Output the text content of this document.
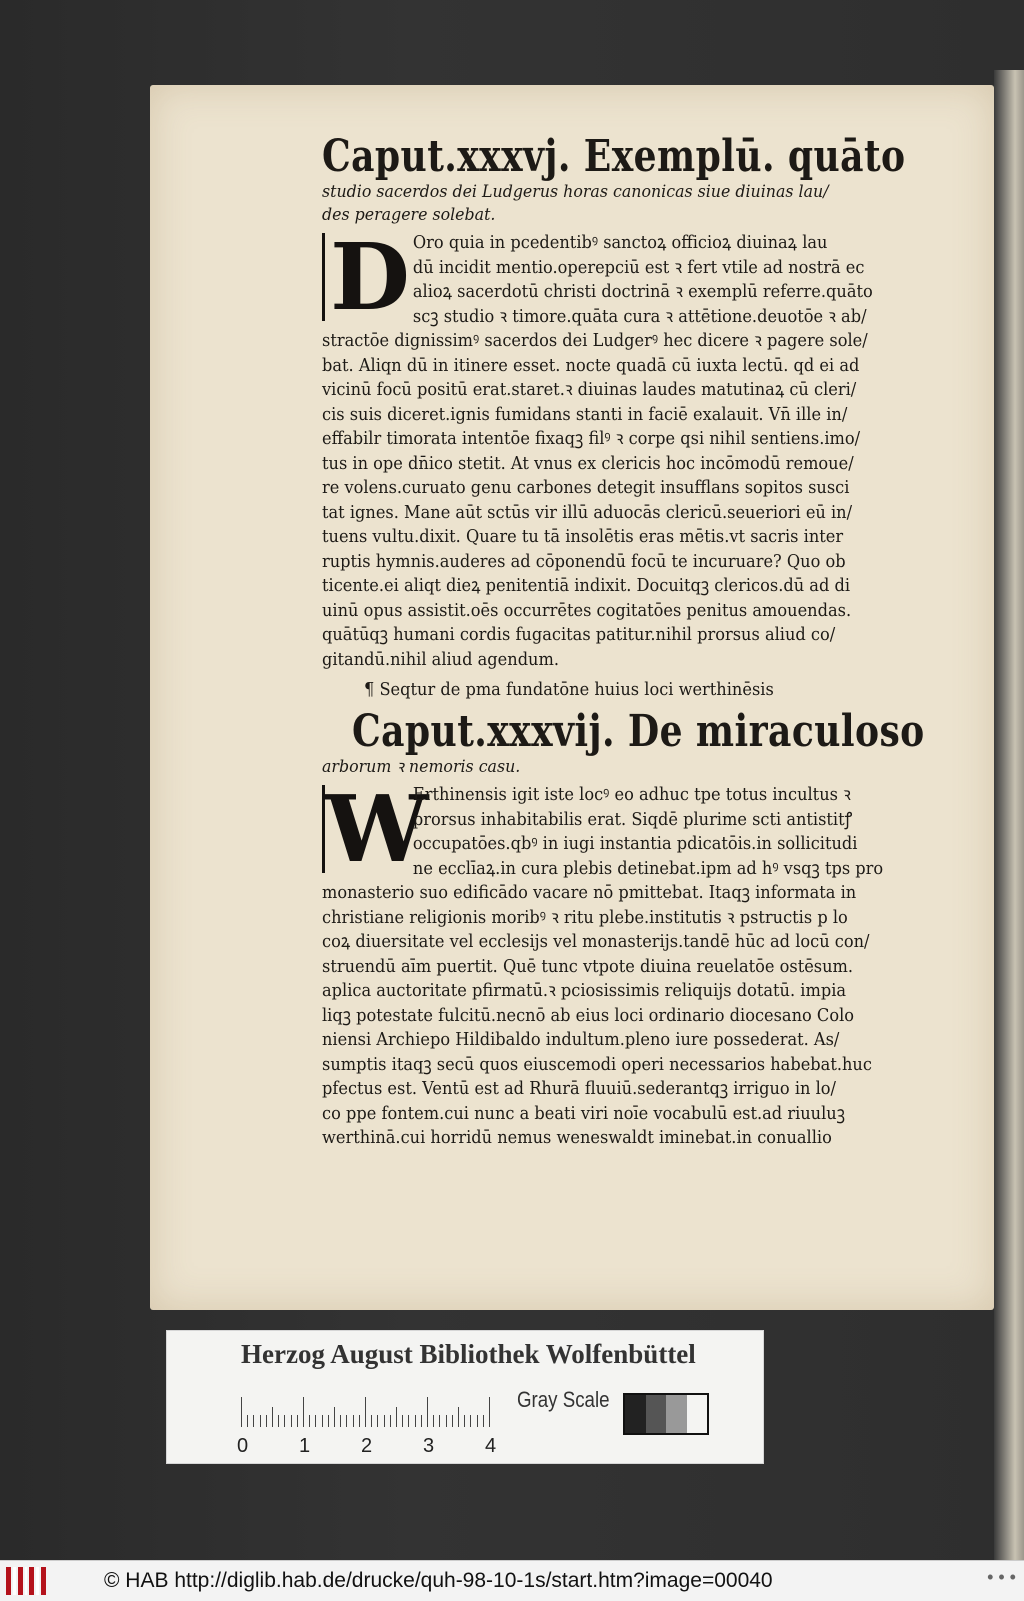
Caput.xxxvj. Exemplū. quāto
studio sacerdos dei Ludgerus horas canonicas siue diuinas lau/
des peragere solebat.
D Oro quia in pcedentibꝰ sanctoꝝ officioꝝ diuinaꝝ lau
dū incidit mentio.operepciū est ꝛ fert vtile ad nostrā ec
alioꝝ sacerdotū christi doctrinā ꝛ exemplū referre.quāto
scꝫ studio ꝛ timore.quāta cura ꝛ attētione.deuotōe ꝛ ab/
stractōe dignissimꝰ sacerdos dei Ludgerꝰ hec dicere ꝛ pagere sole/
bat. Aliqn dū in itinere esset. nocte quadā cū iuxta lectū. qd ei ad
vicinū focū positū erat.staret.ꝛ diuinas laudes matutinaꝝ cū cleri/
cis suis diceret.ignis fumidans stanti in faciē exalauit. Vn̄ ille in/
effabilr timorata intentōe fixaqꝫ filꝰ ꝛ corpe qsi nihil sentiens.imo/
tus in ope dn̄ico stetit. At vnus ex clericis hoc incōmodū remoue/
re volens.curuato genu carbones detegit insufflans sopitos susci
tat ignes. Mane aūt sctūs vir illū aduocās clericū.seueriori eū in/
tuens vultu.dixit. Quare tu tā insolētis eras mētis.vt sacris inter
ruptis hymnis.auderes ad cōponendū focū te incuruare? Quo ob
ticente.ei aliqt dieꝝ penitentiā indixit. Docuitqꝫ clericos.dū ad di
uinū opus assistit.oēs occurrētes cogitatōes penitus amouendas.
quātūqꝫ humani cordis fugacitas patitur.nihil prorsus aliud co/
gitandū.nihil aliud agendum.
¶ Seqtur de pma fundatōne huius loci werthinēsis
Caput.xxxvij. De miraculoso
arborum ꝛ nemoris casu.
W
Erthinensis igit iste locꝰ eo adhuc tpe totus incultus ꝛ
prorsus inhabitabilis erat. Siqdē plurime scti antistitꝭ
occupatōes.qbꝰ in iugi instantia pdicatōis.in sollicitudi
ne ecclīaꝝ.in cura plebis detinebat.ipm ad hꝰ vsqꝫ tps pro
monasterio suo edificādo vacare nō pmittebat. Itaqꝫ informata in
christiane religionis moribꝰ ꝛ ritu plebe.institutis ꝛ pstructis p lo
coꝝ diuersitate vel ecclesijs vel monasterijs.tandē hūc ad locū con/
struendū aīm puertit. Quē tunc vtpote diuina reuelatōe ostēsum.
aplica auctoritate pfirmatū.ꝛ pciosissimis reliquijs dotatū. impia
liqꝫ potestate fulcitū.necnō ab eius loci ordinario diocesano Colo
niensi Archiepo Hildibaldo indultum.pleno iure possederat. As/
sumptis itaqꝫ secū quos eiuscemodi operi necessarios habebat.huc
pfectus est. Ventū est ad Rhurā fluuiū.sederantqꝫ irriguo in lo/
co ppe fontem.cui nunc a beati viri noīe vocabulū est.ad riuuluꝫ
werthinā.cui horridū nemus weneswaldt iminebat.in conuallio
Herzog August Bibliothek Wolfenbüttel
0	1	2	3	4
Gray Scale
© HAB http://diglib.hab.de/drucke/quh-98-10-1s/start.htm?image=00040	• • •
